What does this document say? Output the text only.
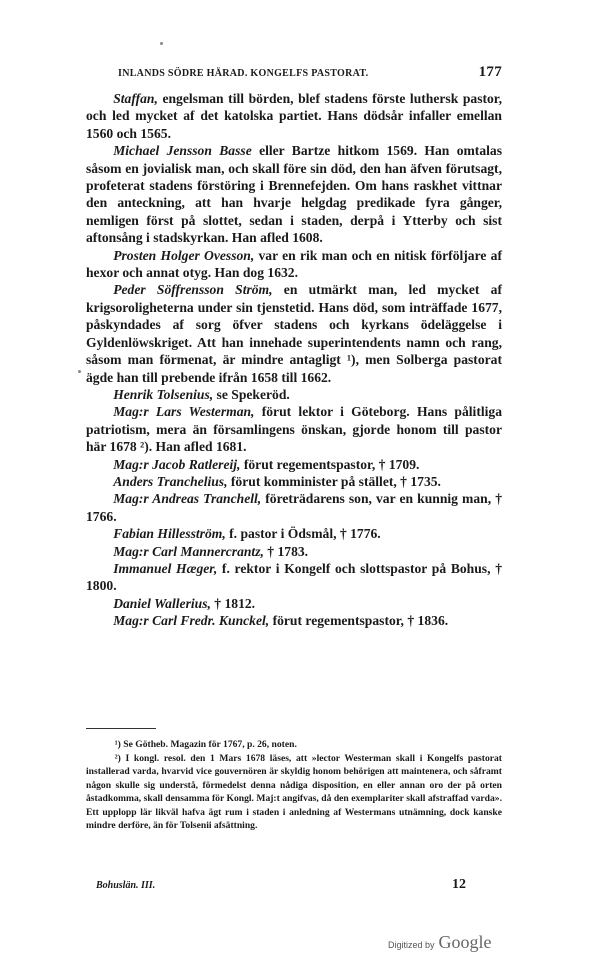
INLANDS SÖDRE HÄRAD. KONGELFS PASTORAT.	177

Staffan, engelsman till börden, blef stadens förste luthersk pastor, och led mycket af det katolska partiet. Hans dödsår infaller emellan 1560 och 1565.

Michael Jensson Basse eller Bartze hitkom 1569. Han omtalas såsom en jovialisk man, och skall före sin död, den han äfven förutsagt, profeterat stadens förstöring i Brennefejden. Om hans raskhet vittnar den anteckning, att han hvarje helgdag predikade fyra gånger, nemligen först på slottet, sedan i staden, derpå i Ytterby och sist aftonsång i stadskyrkan. Han afled 1608.

Prosten Holger Ovesson, var en rik man och en nitisk förföljare af hexor och annat otyg. Han dog 1632.

Peder Söffrensson Ström, en utmärkt man, led mycket af krigsoroligheterna under sin tjenstetid. Hans död, som inträffade 1677, påskyndades af sorg öfver stadens och kyrkans ödeläggelse i Gyldenlöwskriget. Att han innehade superintendents namn och rang, såsom man förmenat, är mindre antagligt ¹), men Solberga pastorat ägde han till prebende ifrån 1658 till 1662.

Henrik Tolsenius, se Spekeröd.

Mag:r Lars Westerman, förut lektor i Göteborg. Hans pålitliga patriotism, mera än församlingens önskan, gjorde honom till pastor här 1678 ²). Han afled 1681.

Mag:r Jacob Ratlereij, förut regementspastor, † 1709.

Anders Tranchelius, förut komminister på stället, † 1735.

Mag:r Andreas Tranchell, företrädarens son, var en kunnig man, † 1766.

Fabian Hillesström, f. pastor i Ödsmål, † 1776.

Mag:r Carl Mannercrantz, † 1783.

Immanuel Hæger, f. rektor i Kongelf och slottspastor på Bohus, † 1800.

Daniel Wallerius, † 1812.

Mag:r Carl Fredr. Kunckel, förut regementspastor, † 1836.

¹) Se Götheb. Magazin för 1767, p. 26, noten.

²) I kongl. resol. den 1 Mars 1678 läses, att »lector Westerman skall i Kongelfs pastorat installerad varda, hvarvid vice gouvernören är skyldig honom behörigen att maintenera, och såframt någon skulle sig understå, förmedelst denna nådiga disposition, en eller annan oro der på orten åstadkomma, skall densamma för Kongl. Maj:t angifvas, då den exemplariter skall afstraffad varda». Ett upplopp lär likväl hafva ägt rum i staden i anledning af Westermans utnämning, dock kanske mindre derföre, än för Tolsenii afsättning.

Bohuslän. III.	12
Digitized by Google
